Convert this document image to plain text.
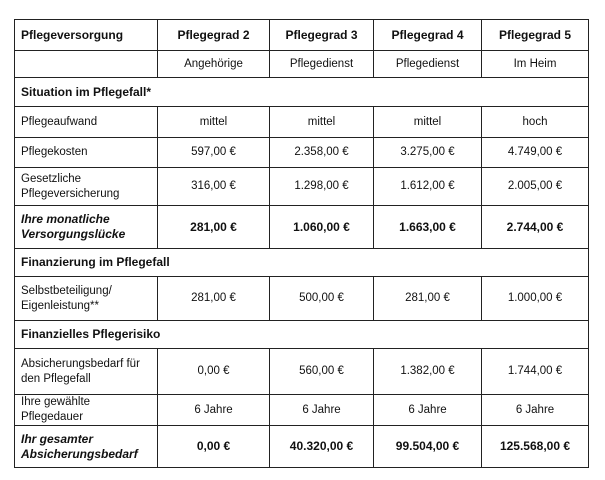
Pflegeversorgung	Pflegegrad 2	Pflegegrad 3	Pflegegrad 4	Pflegegrad 5
	Angehörige	Pflegedienst	Pflegedienst	Im Heim
Situation im Pflegefall*				
Pflegeaufwand	mittel	mittel	mittel	hoch
Pflegekosten	597,00 €	2.358,00 €	3.275,00 €	4.749,00 €
Gesetzliche Pflegeversicherung	316,00 €	1.298,00 €	1.612,00 €	2.005,00 €
Ihre monatliche Versorgungslücke	281,00 €	1.060,00 €	1.663,00 €	2.744,00 €
Finanzierung im Pflegefall				
Selbstbeteiligung/ Eigenleistung**	281,00 €	500,00 €	281,00 €	1.000,00 €
Finanzielles Pflegerisiko				
Absicherungsbedarf für den Pflegefall	0,00 €	560,00 €	1.382,00 €	1.744,00 €
Ihre gewählte Pflegedauer	6 Jahre	6 Jahre	6 Jahre	6 Jahre
Ihr gesamter Absicherungsbedarf	0,00 €	40.320,00 €	99.504,00 €	125.568,00 €
